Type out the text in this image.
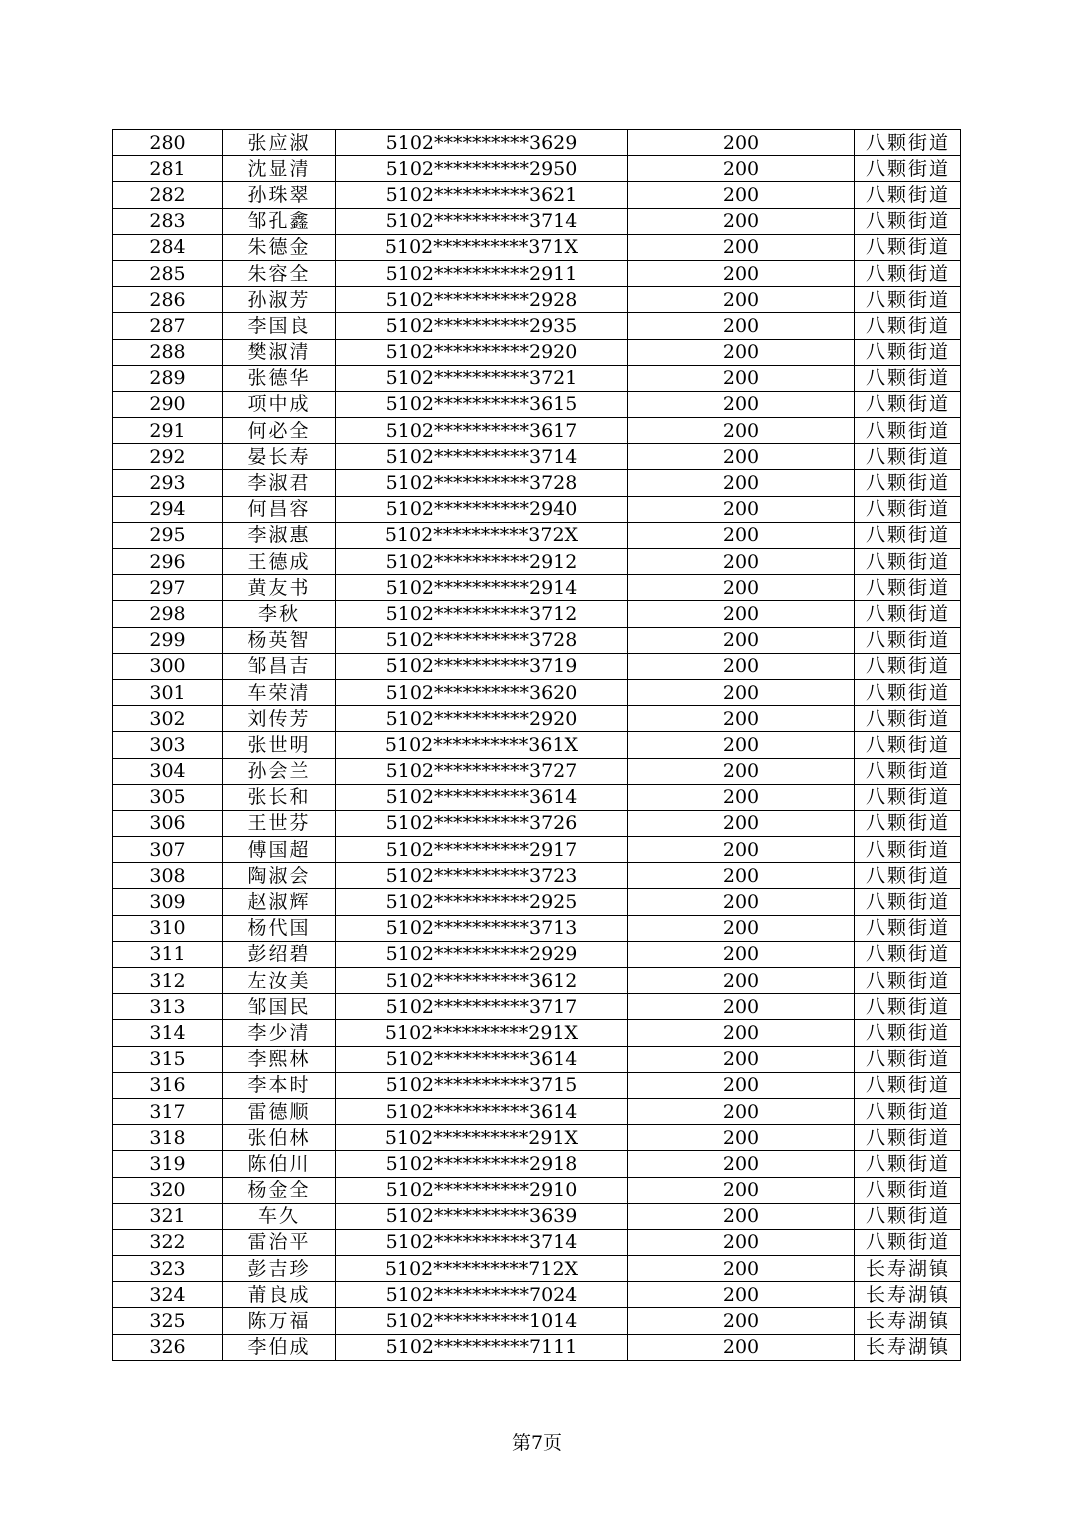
280	张应淑	5102**********3629	200	八颗街道
281	沈显清	5102**********2950	200	八颗街道
282	孙珠翠	5102**********3621	200	八颗街道
283	邹孔鑫	5102**********3714	200	八颗街道
284	朱德金	5102**********371X	200	八颗街道
285	朱容全	5102**********2911	200	八颗街道
286	孙淑芳	5102**********2928	200	八颗街道
287	李国良	5102**********2935	200	八颗街道
288	樊淑清	5102**********2920	200	八颗街道
289	张德华	5102**********3721	200	八颗街道
290	项中成	5102**********3615	200	八颗街道
291	何必全	5102**********3617	200	八颗街道
292	晏长寿	5102**********3714	200	八颗街道
293	李淑君	5102**********3728	200	八颗街道
294	何昌容	5102**********2940	200	八颗街道
295	李淑惠	5102**********372X	200	八颗街道
296	王德成	5102**********2912	200	八颗街道
297	黄友书	5102**********2914	200	八颗街道
298	李秋	5102**********3712	200	八颗街道
299	杨英智	5102**********3728	200	八颗街道
300	邹昌吉	5102**********3719	200	八颗街道
301	车荣清	5102**********3620	200	八颗街道
302	刘传芳	5102**********2920	200	八颗街道
303	张世明	5102**********361X	200	八颗街道
304	孙会兰	5102**********3727	200	八颗街道
305	张长和	5102**********3614	200	八颗街道
306	王世芬	5102**********3726	200	八颗街道
307	傅国超	5102**********2917	200	八颗街道
308	陶淑会	5102**********3723	200	八颗街道
309	赵淑辉	5102**********2925	200	八颗街道
310	杨代国	5102**********3713	200	八颗街道
311	彭绍碧	5102**********2929	200	八颗街道
312	左汝美	5102**********3612	200	八颗街道
313	邹国民	5102**********3717	200	八颗街道
314	李少清	5102**********291X	200	八颗街道
315	李熙林	5102**********3614	200	八颗街道
316	李本时	5102**********3715	200	八颗街道
317	雷德顺	5102**********3614	200	八颗街道
318	张伯林	5102**********291X	200	八颗街道
319	陈伯川	5102**********2918	200	八颗街道
320	杨金全	5102**********2910	200	八颗街道
321	车久	5102**********3639	200	八颗街道
322	雷治平	5102**********3714	200	八颗街道
323	彭吉珍	5102**********712X	200	长寿湖镇
324	莆良成	5102**********7024	200	长寿湖镇
325	陈万福	5102**********1014	200	长寿湖镇
326	李伯成	5102**********7111	200	长寿湖镇
第7页
